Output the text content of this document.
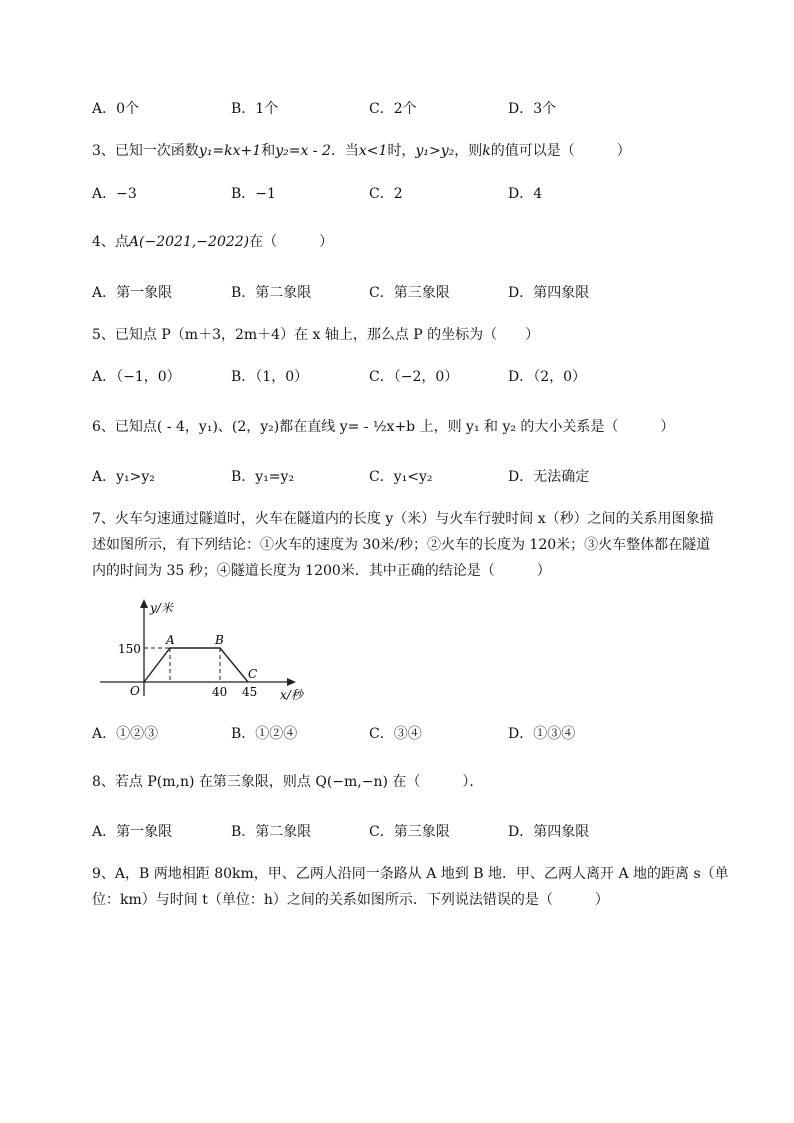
A．0个	B．1个	C．2个	D．3个
3、已知一次函数y₁=kx+1和y₂=x - 2．当x<1时，y₁>y₂，则k的值可以是（　　　）
A．−3	B．−1	C．2	D．4
4、点A(−2021,−2022)在（　　　）
A．第一象限	B．第二象限	C．第三象限	D．第四象限
5、已知点 P（m＋3，2m＋4）在 x 轴上，那么点 P 的坐标为（　　）
A．（−1，0）	B．（1，0）	C．（−2，0）	D．（2，0）
6、已知点( - 4，y₁)、(2，y₂)都在直线 y= - ½x+b 上，则 y₁ 和 y₂ 的大小关系是（　　　）
A．y₁>y₂	B．y₁=y₂	C．y₁<y₂	D．无法确定
7、火车匀速通过隧道时，火车在隧道内的长度 y（米）与火车行驶时间 x（秒）之间的关系用图象描
述如图所示，有下列结论：①火车的速度为 30米/秒；②火车的长度为 120米；③火车整体都在隧道
内的时间为 35 秒；④隧道长度为 1200米．其中正确的结论是（　　　）
y/米
x/秒
O
150
40 45
A	B
C
A．①②③	B．①②④	C．③④	D．①③④
8、若点 P(m,n) 在第三象限，则点 Q(−m,−n) 在（　　　）．
A．第一象限	B．第二象限	C．第三象限	D．第四象限
9、A，B 两地相距 80km，甲、乙两人沿同一条路从 A 地到 B 地．甲、乙两人离开 A 地的距离 s（单
位：km）与时间 t（单位：h）之间的关系如图所示．下列说法错误的是（　　　）
